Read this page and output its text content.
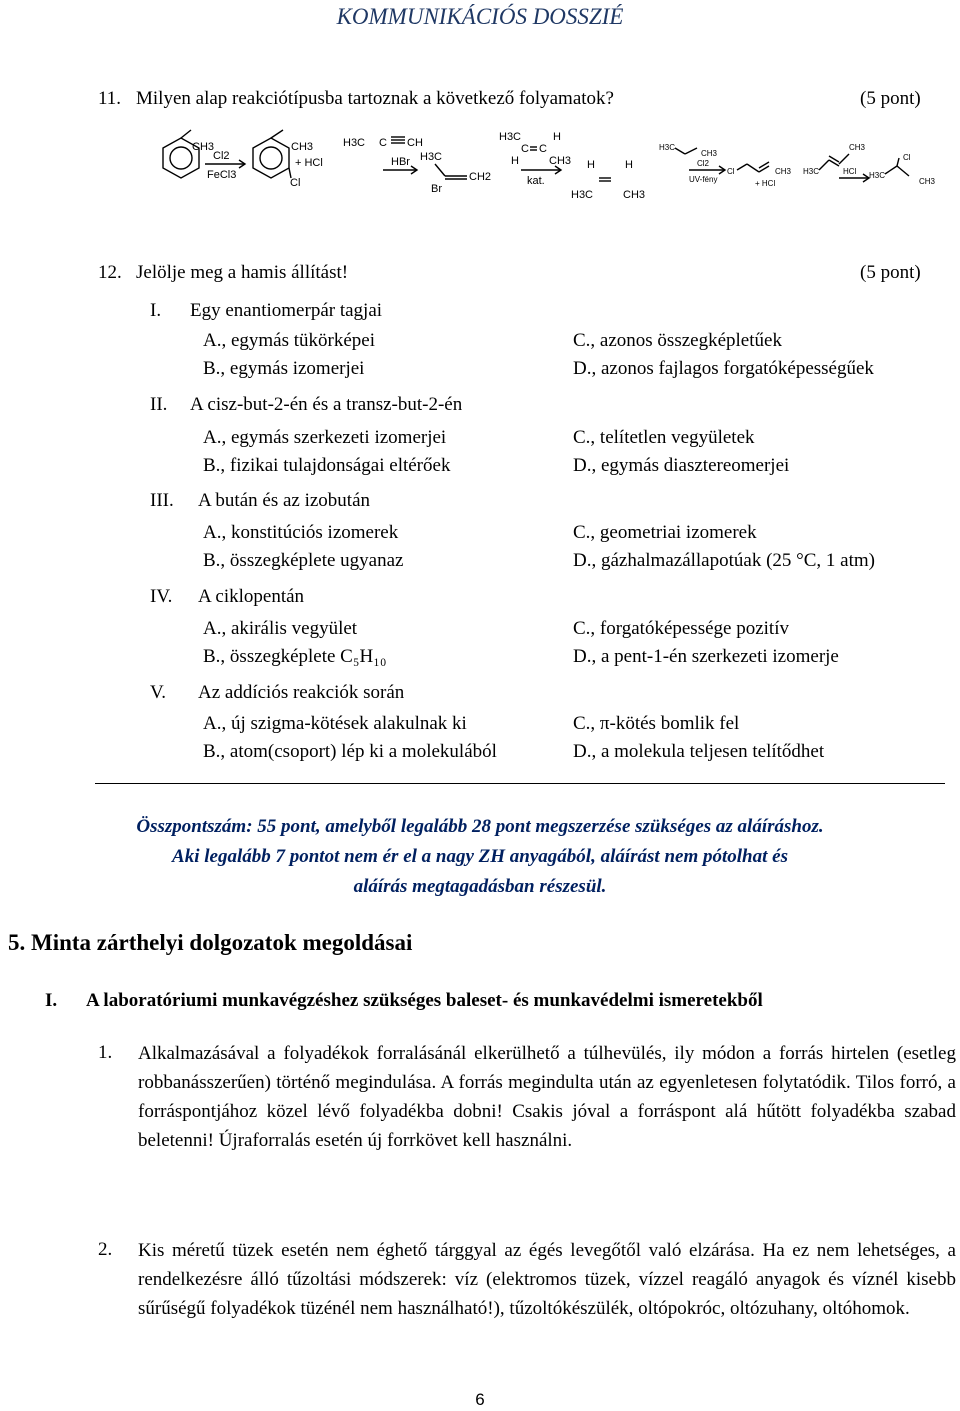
KOMMUNIKÁCIÓS DOSSZIÉ
11. Milyen alap reakciótípusba tartoznak a következő folyamatok?	(5 pont)
CH3
Cl2
FeCl3
CH3
+ HCl
Cl
H3C C CH
HBr H3C
CH2
Br
H3C
C C
H
H	CH3
kat.
H	H
H3C	CH3
H3C
CH3
Cl2
UV-fény
Cl	CH3
+ HCl
H3C
CH3
HCl H3C
Cl
CH3
12. Jelölje meg a hamis állítást!	(5 pont)
I. Egy enantiomerpár tagjai
A., egymás tükörképei	C., azonos összegképletűek
B., egymás izomerjei	D., azonos fajlagos forgatóképességűek
II. A cisz-but-2-én és a transz-but-2-én
A., egymás szerkezeti izomerjei	C., telítetlen vegyületek
B., fizikai tulajdonságai eltérőek	D., egymás diasztereomerjei
III. A bután és az izobután
A., konstitúciós izomerek	C., geometriai izomerek
B., összegképlete ugyanaz	D., gázhalmazállapotúak (25 °C, 1 atm)
IV. A ciklopentán
A., akirális vegyület	C., forgatóképessége pozitív
B., összegképlete C₅H₁₀	D., a pent-1-én szerkezeti izomerje
V. Az addíciós reakciók során
A., új szigma-kötések alakulnak ki	C., π-kötés bomlik fel
B., atom(csoport) lép ki a molekulából	D., a molekula teljesen telítődhet
Összpontszám: 55 pont, amelyből legalább 28 pont megszerzése szükséges az aláíráshoz.
Aki legalább 7 pontot nem ér el a nagy ZH anyagából, aláírást nem pótolhat és
aláírás megtagadásban részesül.
5. Minta zárthelyi dolgozatok megoldásai
I. A laboratóriumi munkavégzéshez szükséges baleset- és munkavédelmi ismeretekből
1. Alkalmazásával a folyadékok forralásánál elkerülhető a túlhevülés, ily módon a forrás hirtelen (esetleg robbanásszerűen) történő megindulása. A forrás megindulta után az egyenletesen folytatódik. Tilos forró, a forráspontjához közel lévő folyadékba dobni! Csakis jóval a forráspont alá hűtött folyadékba szabad beletenni! Újraforralás esetén új forrkövet kell használni.
2. Kis méretű tüzek esetén nem éghető tárggyal az égés levegőtől való elzárása. Ha ez nem lehetséges, a rendelkezésre álló tűzoltási módszerek: víz (elektromos tüzek, vízzel reagáló anyagok és víznél kisebb sűrűségű folyadékok tüzénél nem használható!), tűzoltókészülék, oltópokróc, oltózuhany, oltóhomok.
6
